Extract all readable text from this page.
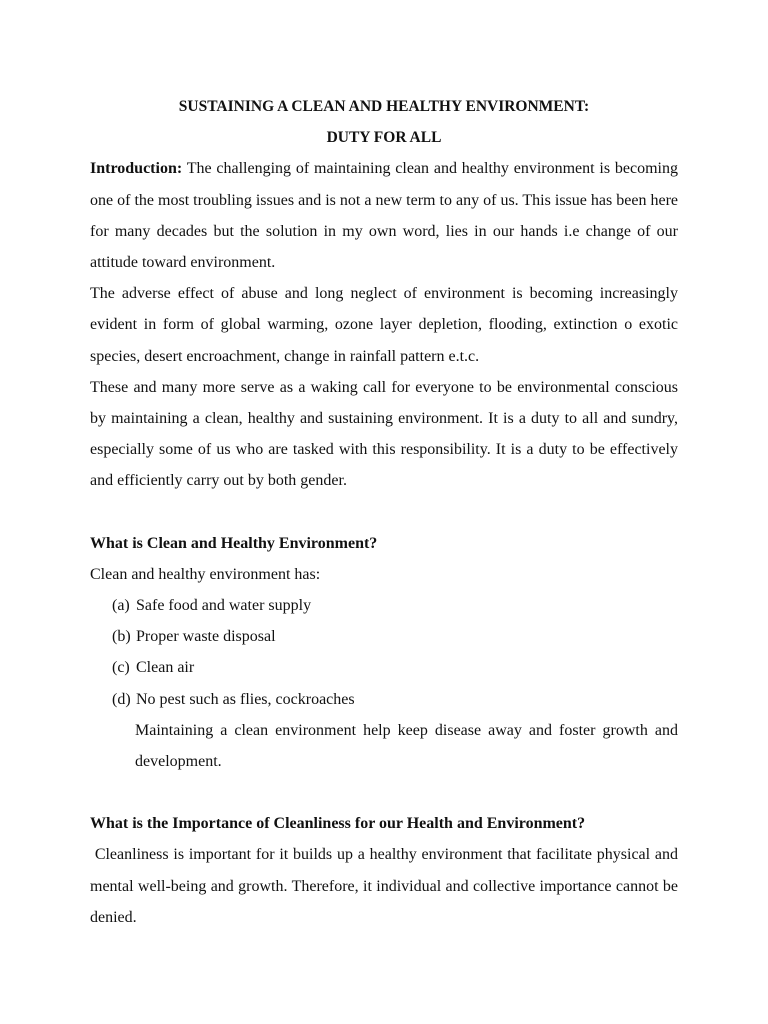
SUSTAINING A CLEAN AND HEALTHY ENVIRONMENT:

DUTY FOR ALL

Introduction: The challenging of maintaining clean and healthy environment is becoming one of the most troubling issues and is not a new term to any of us. This issue has been here for many decades but the solution in my own word, lies in our hands i.e change of our attitude toward environment.

The adverse effect of abuse and long neglect of environment is becoming increasingly evident in form of global warming, ozone layer depletion, flooding, extinction o exotic species, desert encroachment, change in rainfall pattern e.t.c.

These and many more serve as a waking call for everyone to be environmental conscious by maintaining a clean, healthy and sustaining environment. It is a duty to all and sundry, especially some of us who are tasked with this responsibility. It is a duty to be effectively and efficiently carry out by both gender.

What is Clean and Healthy Environment?

Clean and healthy environment has:

(a) Safe food and water supply
(b) Proper waste disposal
(c) Clean air
(d) No pest such as flies, cockroaches

Maintaining a clean environment help keep disease away and foster growth and development.

What is the Importance of Cleanliness for our Health and Environment?

Cleanliness is important for it builds up a healthy environment that facilitate physical and mental well-being and growth. Therefore, it individual and collective importance cannot be denied.
